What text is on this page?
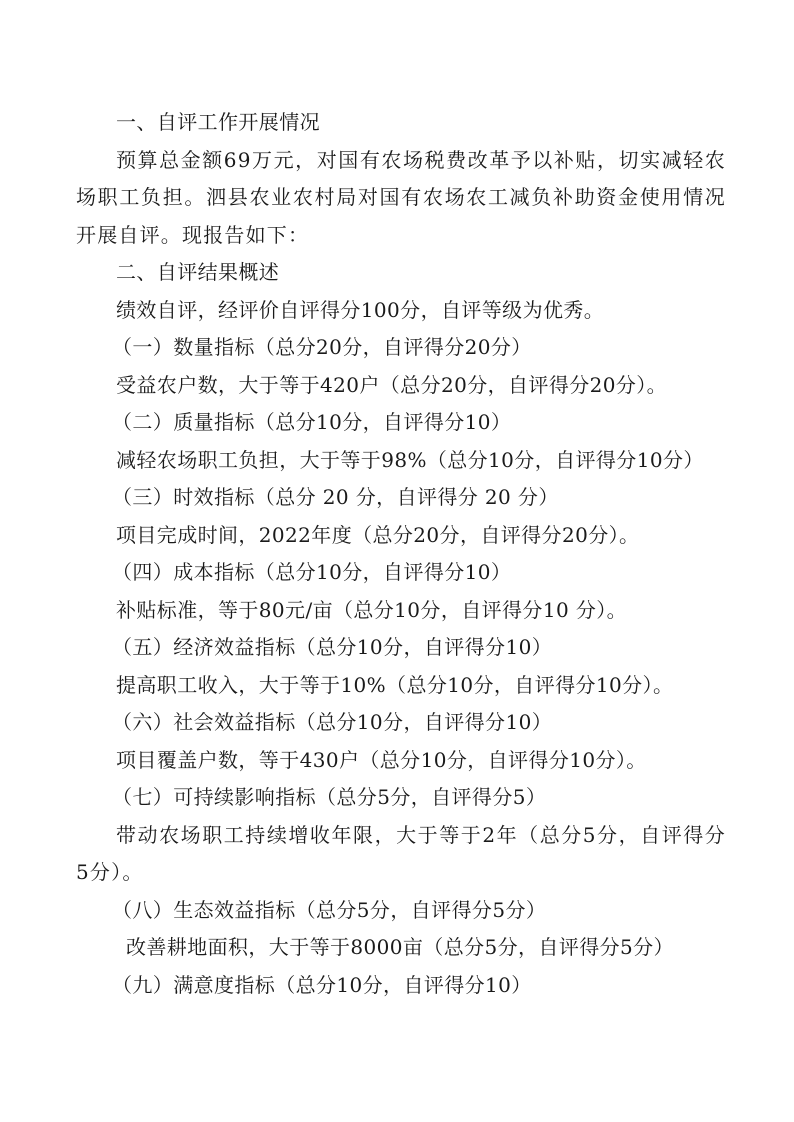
一、自评工作开展情况
预算总金额69万元，对国有农场税费改革予以补贴，切实减轻农场职工负担。泗县农业农村局对国有农场农工减负补助资金使用情况开展自评。现报告如下：
二、自评结果概述
绩效自评，经评价自评得分100分，自评等级为优秀。
（一）数量指标（总分20分，自评得分20分）
受益农户数，大于等于420户（总分20分，自评得分20分）。
（二）质量指标（总分10分，自评得分10）
减轻农场职工负担，大于等于98%（总分10分，自评得分10分）
（三）时效指标（总分 20 分，自评得分 20 分）
项目完成时间，2022年度（总分20分，自评得分20分）。
（四）成本指标（总分10分，自评得分10）
补贴标准，等于80元/亩（总分10分，自评得分10 分）。
（五）经济效益指标（总分10分，自评得分10）
提高职工收入，大于等于10%（总分10分，自评得分10分）。
（六）社会效益指标（总分10分，自评得分10）
项目覆盖户数，等于430户（总分10分，自评得分10分）。
（七）可持续影响指标（总分5分，自评得分5）
带动农场职工持续增收年限，大于等于2年（总分5分，自评得分5分）。
（八）生态效益指标（总分5分，自评得分5分）
改善耕地面积，大于等于8000亩（总分5分，自评得分5分）
（九）满意度指标（总分10分，自评得分10）
